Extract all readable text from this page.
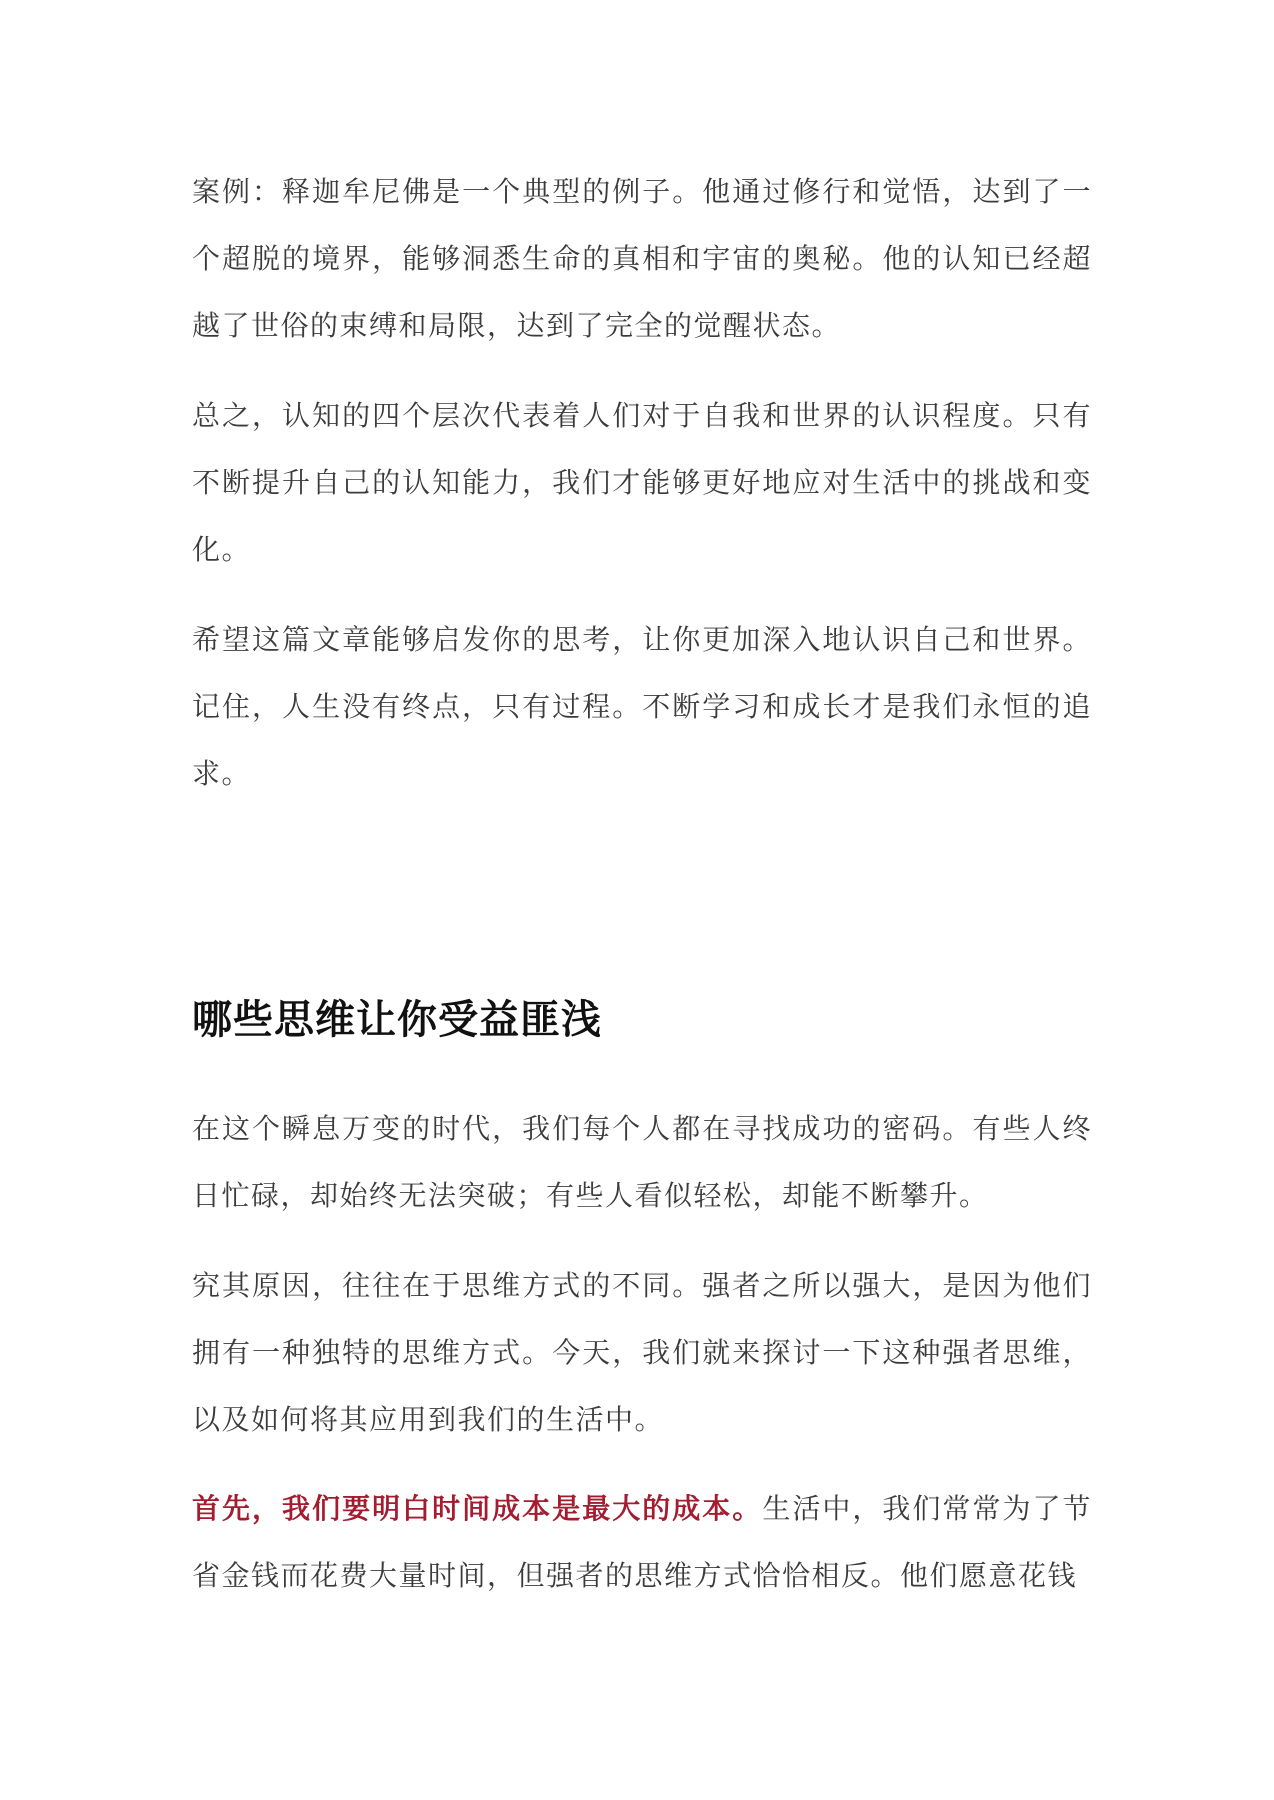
案例：释迦牟尼佛是一个典型的例子。他通过修行和觉悟，达到了一个超脱的境界，能够洞悉生命的真相和宇宙的奥秘。他的认知已经超越了世俗的束缚和局限，达到了完全的觉醒状态。

总之，认知的四个层次代表着人们对于自我和世界的认识程度。只有不断提升自己的认知能力，我们才能够更好地应对生活中的挑战和变化。

希望这篇文章能够启发你的思考，让你更加深入地认识自己和世界。记住，人生没有终点，只有过程。不断学习和成长才是我们永恒的追求。

哪些思维让你受益匪浅

在这个瞬息万变的时代，我们每个人都在寻找成功的密码。有些人终日忙碌，却始终无法突破；有些人看似轻松，却能不断攀升。

究其原因，往往在于思维方式的不同。强者之所以强大，是因为他们拥有一种独特的思维方式。今天，我们就来探讨一下这种强者思维，以及如何将其应用到我们的生活中。

首先，我们要明白时间成本是最大的成本。生活中，我们常常为了节省金钱而花费大量时间，但强者的思维方式恰恰相反。他们愿意花钱
